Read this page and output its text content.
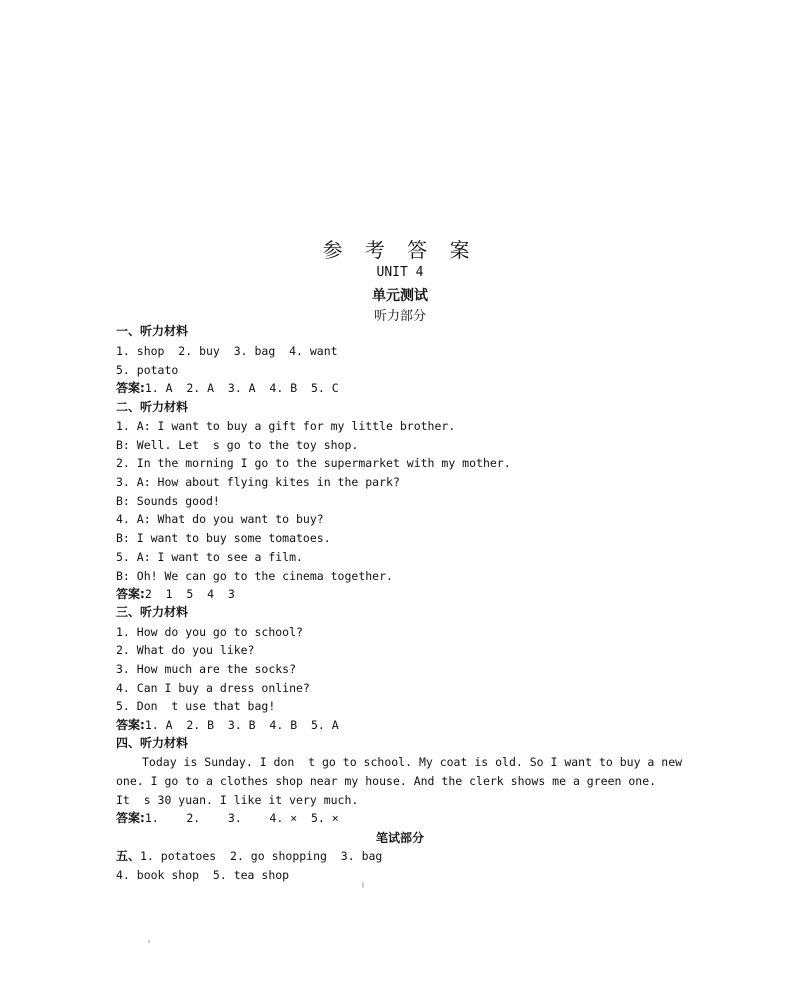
参 考 答 案
UNIT 4
单元测试
听力部分
一、听力材料
1. shop  2. buy  3. bag  4. want
5. potato
答案:1. A  2. A  3. A  4. B  5. C
二、听力材料
1. A: I want to buy a gift for my little brother.
B: Well. Let  s go to the toy shop.
2. In the morning I go to the supermarket with my mother.
3. A: How about flying kites in the park?
B: Sounds good!
4. A: What do you want to buy?
B: I want to buy some tomatoes.
5. A: I want to see a film.
B: Oh! We can go to the cinema together.
答案:2  1  5  4  3
三、听力材料
1. How do you go to school?
2. What do you like?
3. How much are the socks?
4. Can I buy a dress online?
5. Don  t use that bag!
答案:1. A  2. B  3. B  4. B  5. A
四、听力材料
Today is Sunday. I don  t go to school. My coat is old. So I want to buy a new
one. I go to a clothes shop near my house. And the clerk shows me a green one.
It  s 30 yuan. I like it very much.
答案:1.    2.    3.    4. ×  5. ×
笔试部分
五、1. potatoes  2. go shopping  3. bag
4. book shop  5. tea shop
